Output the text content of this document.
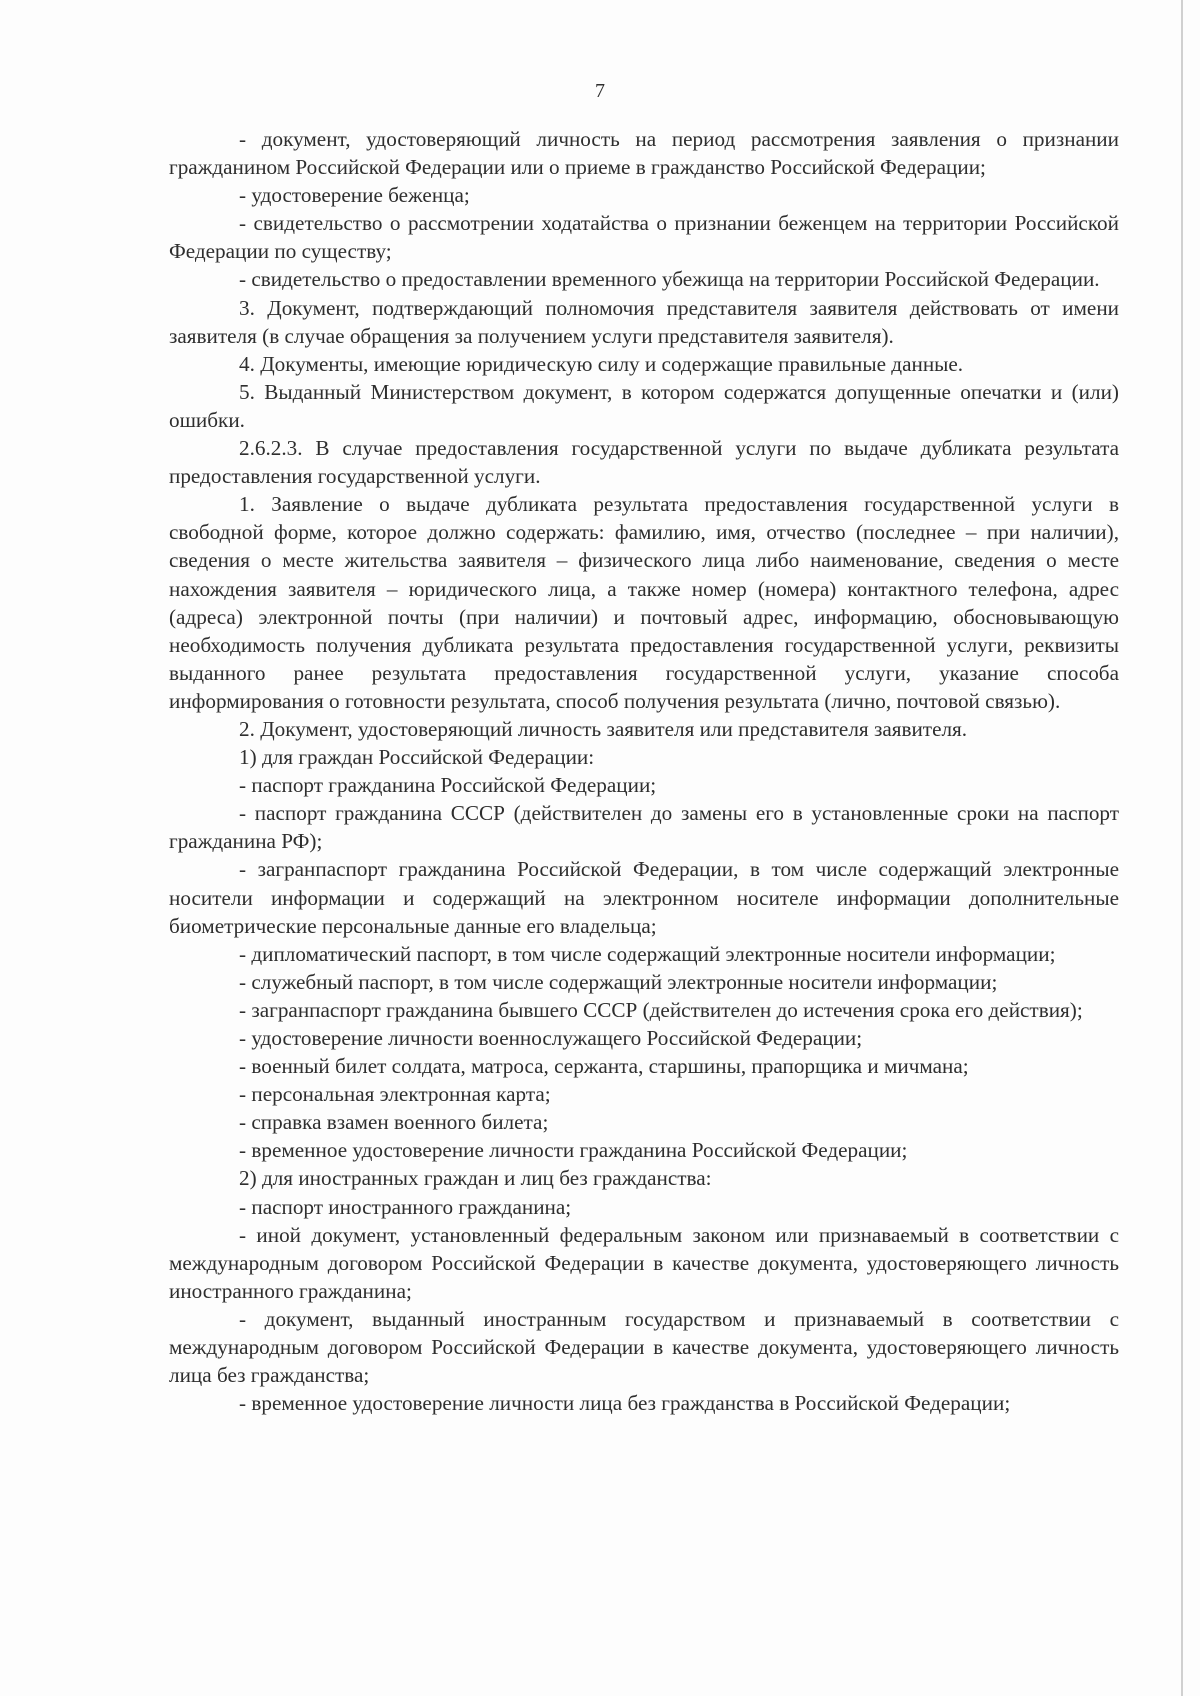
7

- документ, удостоверяющий личность на период рассмотрения заявления о признании гражданином Российской Федерации или о приеме в гражданство Российской Федерации;

- удостоверение беженца;

- свидетельство о рассмотрении ходатайства о признании беженцем на территории Российской Федерации по существу;

- свидетельство о предоставлении временного убежища на территории Российской Федерации.

3. Документ, подтверждающий полномочия представителя заявителя действовать от имени заявителя (в случае обращения за получением услуги представителя заявителя).

4. Документы, имеющие юридическую силу и содержащие правильные данные.

5. Выданный Министерством документ, в котором содержатся допущенные опечатки и (или) ошибки.

2.6.2.3. В случае предоставления государственной услуги по выдаче дубликата результата предоставления государственной услуги.

1. Заявление о выдаче дубликата результата предоставления государственной услуги в свободной форме, которое должно содержать: фамилию, имя, отчество (последнее – при наличии), сведения о месте жительства заявителя – физического лица либо наименование, сведения о месте нахождения заявителя – юридического лица, а также номер (номера) контактного телефона, адрес (адреса) электронной почты (при наличии) и почтовый адрес, информацию, обосновывающую необходимость получения дубликата результата предоставления государственной услуги, реквизиты выданного ранее результата предоставления государственной услуги, указание способа информирования о готовности результата, способ получения результата (лично, почтовой связью).

2. Документ, удостоверяющий личность заявителя или представителя заявителя.

1) для граждан Российской Федерации:

- паспорт гражданина Российской Федерации;

- паспорт гражданина СССР (действителен до замены его в установленные сроки на паспорт гражданина РФ);

- загранпаспорт гражданина Российской Федерации, в том числе содержащий электронные носители информации и содержащий на электронном носителе информации дополнительные биометрические персональные данные его владельца;

- дипломатический паспорт, в том числе содержащий электронные носители информации;

- служебный паспорт, в том числе содержащий электронные носители информации;

- загранпаспорт гражданина бывшего СССР (действителен до истечения срока его действия);

- удостоверение личности военнослужащего Российской Федерации;

- военный билет солдата, матроса, сержанта, старшины, прапорщика и мичмана;

- персональная электронная карта;

- справка взамен военного билета;

- временное удостоверение личности гражданина Российской Федерации;

2) для иностранных граждан и лиц без гражданства:

- паспорт иностранного гражданина;

- иной документ, установленный федеральным законом или признаваемый в соответствии с международным договором Российской Федерации в качестве документа, удостоверяющего личность иностранного гражданина;

- документ, выданный иностранным государством и признаваемый в соответствии с международным договором Российской Федерации в качестве документа, удостоверяющего личность лица без гражданства;

- временное удостоверение личности лица без гражданства в Российской Федерации;
